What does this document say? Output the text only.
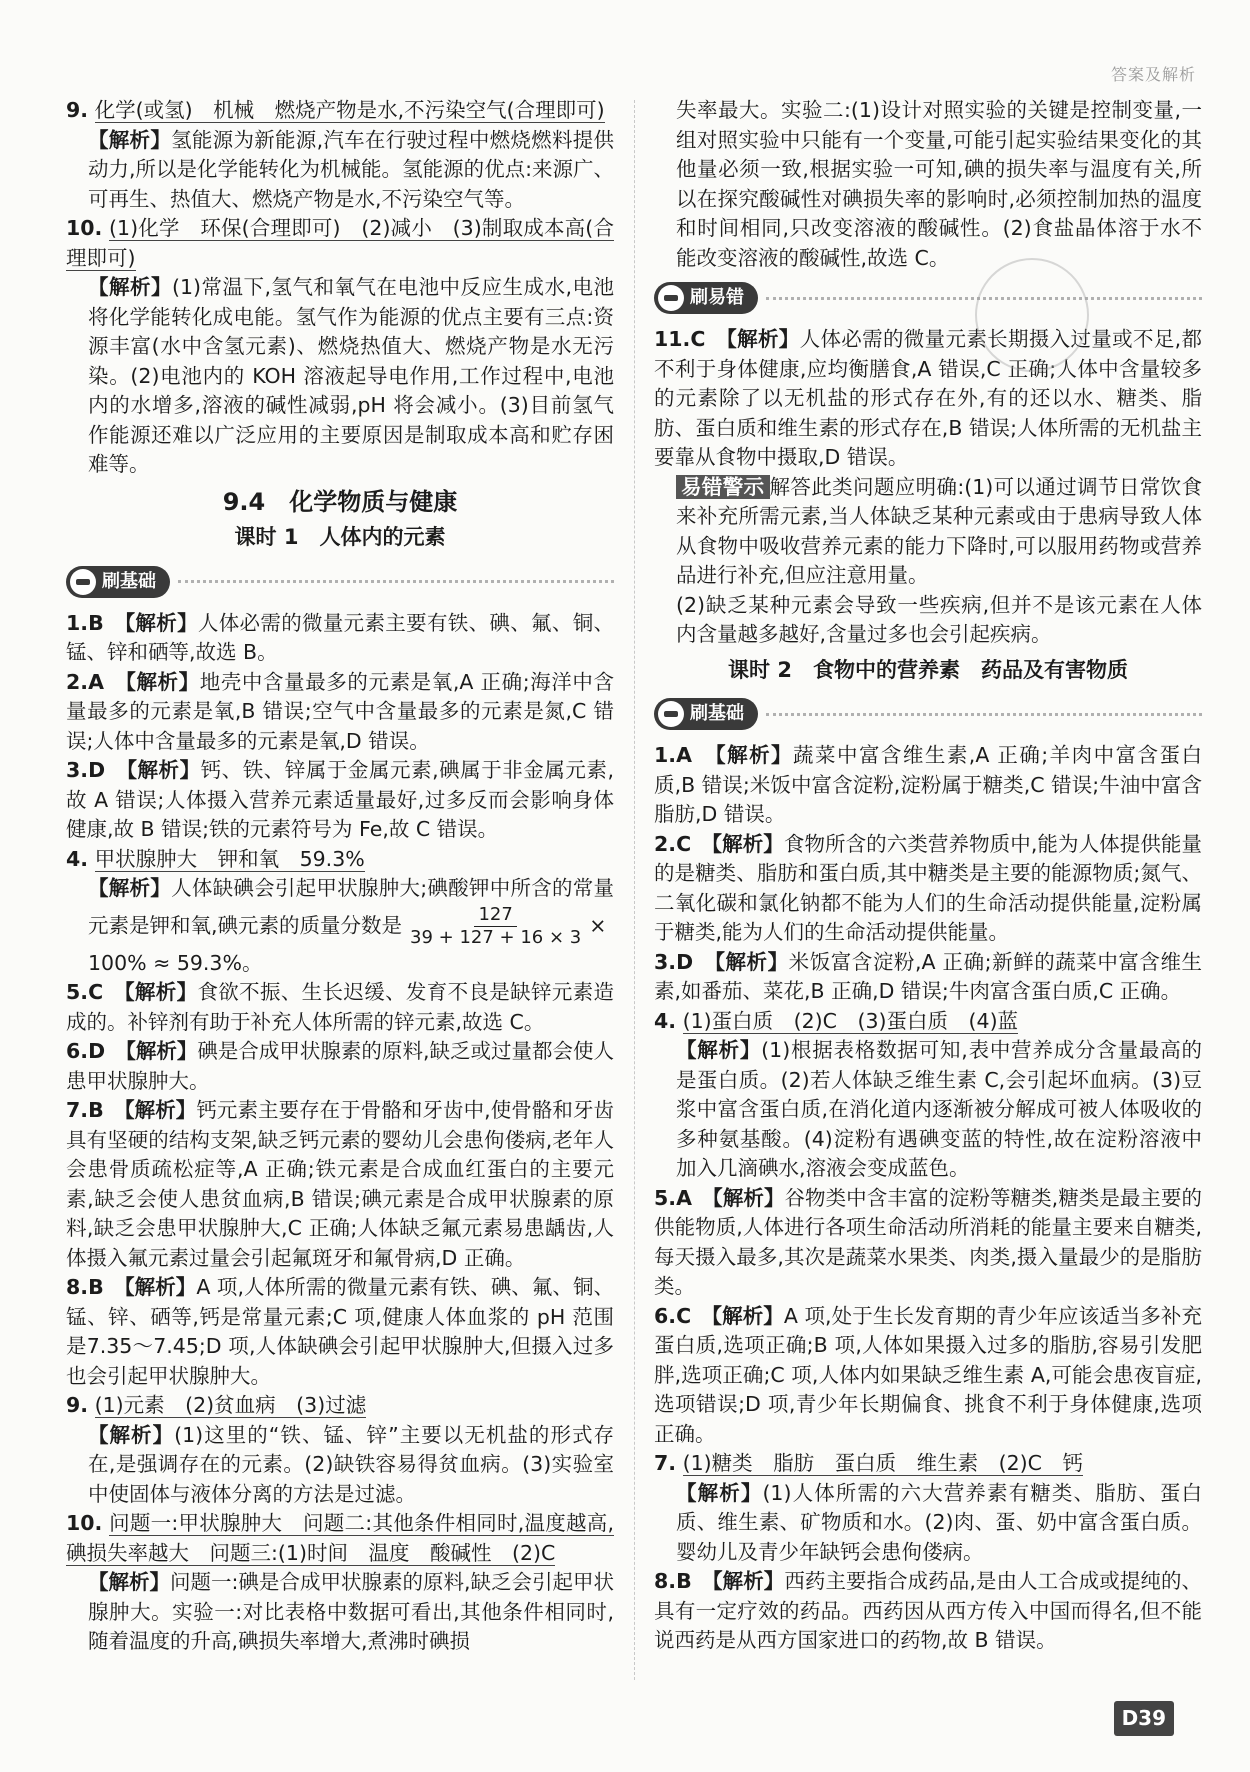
答案及解析

9. 化学(或氢)　机械　燃烧产物是水,不污染空气(合理即可)

【解析】氢能源为新能源,汽车在行驶过程中燃烧燃料提供动力,所以是化学能转化为机械能。氢能源的优点:来源广、可再生、热值大、燃烧产物是水,不污染空气等。

10. (1)化学　环保(合理即可)　(2)减小　(3)制取成本高(合理即可)

【解析】(1)常温下,氢气和氧气在电池中反应生成水,电池将化学能转化成电能。氢气作为能源的优点主要有三点:资源丰富(水中含氢元素)、燃烧热值大、燃烧产物是水无污染。(2)电池内的 KOH 溶液起导电作用,工作过程中,电池内的水增多,溶液的碱性减弱,pH 将会减小。(3)目前氢气作能源还难以广泛应用的主要原因是制取成本高和贮存困难等。

9.4　化学物质与健康
课时 1　人体内的元素
刷基础

1.B　 【解析】人体必需的微量元素主要有铁、碘、氟、铜、锰、锌和硒等,故选 B。

2.A　 【解析】地壳中含量最多的元素是氧,A 正确;海洋中含量最多的元素是氧,B 错误;空气中含量最多的元素是氮,C 错误;人体中含量最多的元素是氧,D 错误。

3.D　 【解析】钙、铁、锌属于金属元素,碘属于非金属元素,故 A 错误;人体摄入营养元素适量最好,过多反而会影响身体健康,故 B 错误;铁的元素符号为 Fe,故 C 错误。

4. 甲状腺肿大　钾和氧　59.3%

【解析】人体缺碘会引起甲状腺肿大;碘酸钾中所含的常量元素是钾和氧,碘元素的质量分数是 $\frac{127}{39 + 127 + 16 \times 3}$ ×

100% ≈ 59.3%。

5.C　 【解析】食欲不振、生长迟缓、发育不良是缺锌元素造成的。补锌剂有助于补充人体所需的锌元素,故选 C。

6.D　 【解析】碘是合成甲状腺素的原料,缺乏或过量都会使人患甲状腺肿大。

7.B　 【解析】钙元素主要存在于骨骼和牙齿中,使骨骼和牙齿具有坚硬的结构支架,缺乏钙元素的婴幼儿会患佝偻病,老年人会患骨质疏松症等,A 正确;铁元素是合成血红蛋白的主要元素,缺乏会使人患贫血病,B 错误;碘元素是合成甲状腺素的原料,缺乏会患甲状腺肿大,C 正确;人体缺乏氟元素易患龋齿,人体摄入氟元素过量会引起氟斑牙和氟骨病,D 正确。

8.B　 【解析】A 项,人体所需的微量元素有铁、碘、氟、铜、锰、锌、硒等,钙是常量元素;C 项,健康人体血浆的 pH 范围是7.35～7.45;D 项,人体缺碘会引起甲状腺肿大,但摄入过多也会引起甲状腺肿大。

9. (1)元素　(2)贫血病　(3)过滤

【解析】(1)这里的“铁、锰、锌”主要以无机盐的形式存在,是强调存在的元素。(2)缺铁容易得贫血病。(3)实验室中使固体与液体分离的方法是过滤。

10. 问题一:甲状腺肿大　问题二:其他条件相同时,温度越高,碘损失率越大　问题三:(1)时间　温度　酸碱性　(2)C

【解析】问题一:碘是合成甲状腺素的原料,缺乏会引起甲状腺肿大。实验一:对比表格中数据可看出,其他条件相同时,随着温度的升高,碘损失率增大,煮沸时碘损

失率最大。实验二:(1)设计对照实验的关键是控制变量,一组对照实验中只能有一个变量,可能引起实验结果变化的其他量必须一致,根据实验一可知,碘的损失率与温度有关,所以在探究酸碱性对碘损失率的影响时,必须控制加热的温度和时间相同,只改变溶液的酸碱性。(2)食盐晶体溶于水不能改变溶液的酸碱性,故选 C。

刷易错

11.C　 【解析】人体必需的微量元素长期摄入过量或不足,都不利于身体健康,应均衡膳食,A 错误,C 正确;人体中含量较多的元素除了以无机盐的形式存在外,有的还以水、糖类、脂肪、蛋白质和维生素的形式存在,B 错误;人体所需的无机盐主要靠从食物中摄取,D 错误。

易错警示 解答此类问题应明确:(1)可以通过调节日常饮食来补充所需元素,当人体缺乏某种元素或由于患病导致人体从食物中吸收营养元素的能力下降时,可以服用药物或营养品进行补充,但应注意用量。

(2)缺乏某种元素会导致一些疾病,但并不是该元素在人体内含量越多越好,含量过多也会引起疾病。

课时 2　食物中的营养素　药品及有害物质
刷基础

1.A　 【解析】蔬菜中富含维生素,A 正确;羊肉中富含蛋白质,B 错误;米饭中富含淀粉,淀粉属于糖类,C 错误;牛油中富含脂肪,D 错误。

2.C　 【解析】食物所含的六类营养物质中,能为人体提供能量的是糖类、脂肪和蛋白质,其中糖类是主要的能源物质;氮气、二氧化碳和氯化钠都不能为人们的生命活动提供能量,淀粉属于糖类,能为人们的生命活动提供能量。

3.D　 【解析】米饭富含淀粉,A 正确;新鲜的蔬菜中富含维生素,如番茄、菜花,B 正确,D 错误;牛肉富含蛋白质,C 正确。

4. (1)蛋白质　(2)C　(3)蛋白质　(4)蓝

【解析】(1)根据表格数据可知,表中营养成分含量最高的是蛋白质。(2)若人体缺乏维生素 C,会引起坏血病。(3)豆浆中富含蛋白质,在消化道内逐渐被分解成可被人体吸收的多种氨基酸。(4)淀粉有遇碘变蓝的特性,故在淀粉溶液中加入几滴碘水,溶液会变成蓝色。

5.A　 【解析】谷物类中含丰富的淀粉等糖类,糖类是最主要的供能物质,人体进行各项生命活动所消耗的能量主要来自糖类,每天摄入最多,其次是蔬菜水果类、肉类,摄入量最少的是脂肪类。

6.C　 【解析】A 项,处于生长发育期的青少年应该适当多补充蛋白质,选项正确;B 项,人体如果摄入过多的脂肪,容易引发肥胖,选项正确;C 项,人体内如果缺乏维生素 A,可能会患夜盲症,选项错误;D 项,青少年长期偏食、挑食不利于身体健康,选项正确。

7. (1)糖类　脂肪　蛋白质　维生素　(2)C　钙

【解析】(1)人体所需的六大营养素有糖类、脂肪、蛋白质、维生素、矿物质和水。(2)肉、蛋、奶中富含蛋白质。婴幼儿及青少年缺钙会患佝偻病。

8.B　 【解析】西药主要指合成药品,是由人工合成或提纯的、具有一定疗效的药品。西药因从西方传入中国而得名,但不能说西药是从西方国家进口的药物,故 B 错误。

D39
